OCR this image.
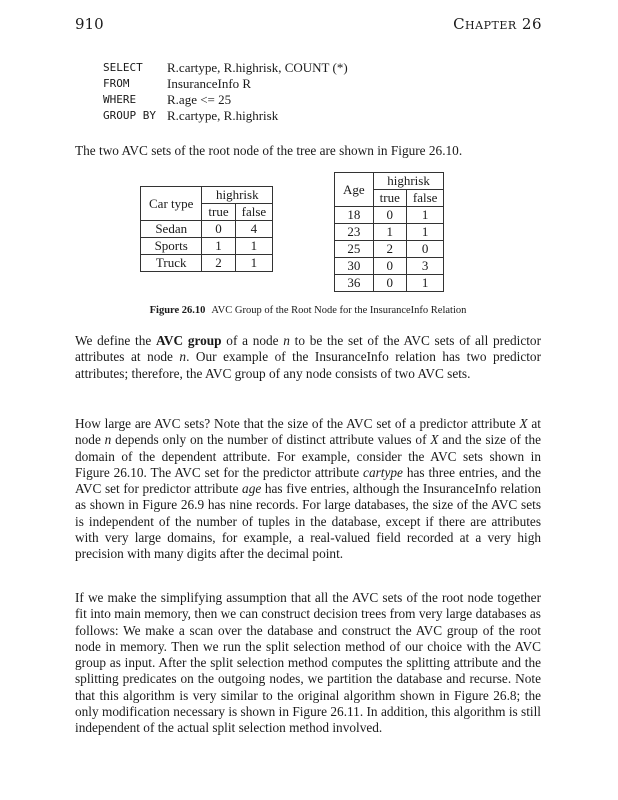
910	Chapter 26
SELECT	R.cartype, R.highrisk, COUNT (*)
FROM	InsuranceInfo R
WHERE	R.age <= 25
GROUP BY R.cartype, R.highrisk

The two AVC sets of the root node of the tree are shown in Figure 26.10.

Car type	highrisk	
	true	false
Sedan	0	4
Sports	1	1
Truck	2	1
Age	highrisk	
	true	false
18	0	1
23	1	1
25	2	0
30	0	3
36	0	1
Figure 26.10 AVC Group of the Root Node for the InsuranceInfo Relation

We define the AVC group of a node n to be the set of the AVC sets of all predictor attributes at node n. Our example of the InsuranceInfo relation has two predictor attributes; therefore, the AVC group of any node consists of two AVC sets.

How large are AVC sets? Note that the size of the AVC set of a predictor attribute X at node n depends only on the number of distinct attribute values of X and the size of the domain of the dependent attribute. For example, consider the AVC sets shown in Figure 26.10. The AVC set for the predictor attribute cartype has three entries, and the AVC set for predictor attribute age has five entries, although the InsuranceInfo relation as shown in Figure 26.9 has nine records. For large databases, the size of the AVC sets is independent of the number of tuples in the database, except if there are attributes with very large domains, for example, a real-valued field recorded at a very high precision with many digits after the decimal point.

If we make the simplifying assumption that all the AVC sets of the root node together fit into main memory, then we can construct decision trees from very large databases as follows: We make a scan over the database and construct the AVC group of the root node in memory. Then we run the split selection method of our choice with the AVC group as input. After the split selection method computes the splitting attribute and the splitting predicates on the outgoing nodes, we partition the database and recurse. Note that this algorithm is very similar to the original algorithm shown in Figure 26.8; the only modification necessary is shown in Figure 26.11. In addition, this algorithm is still independent of the actual split selection method involved.
